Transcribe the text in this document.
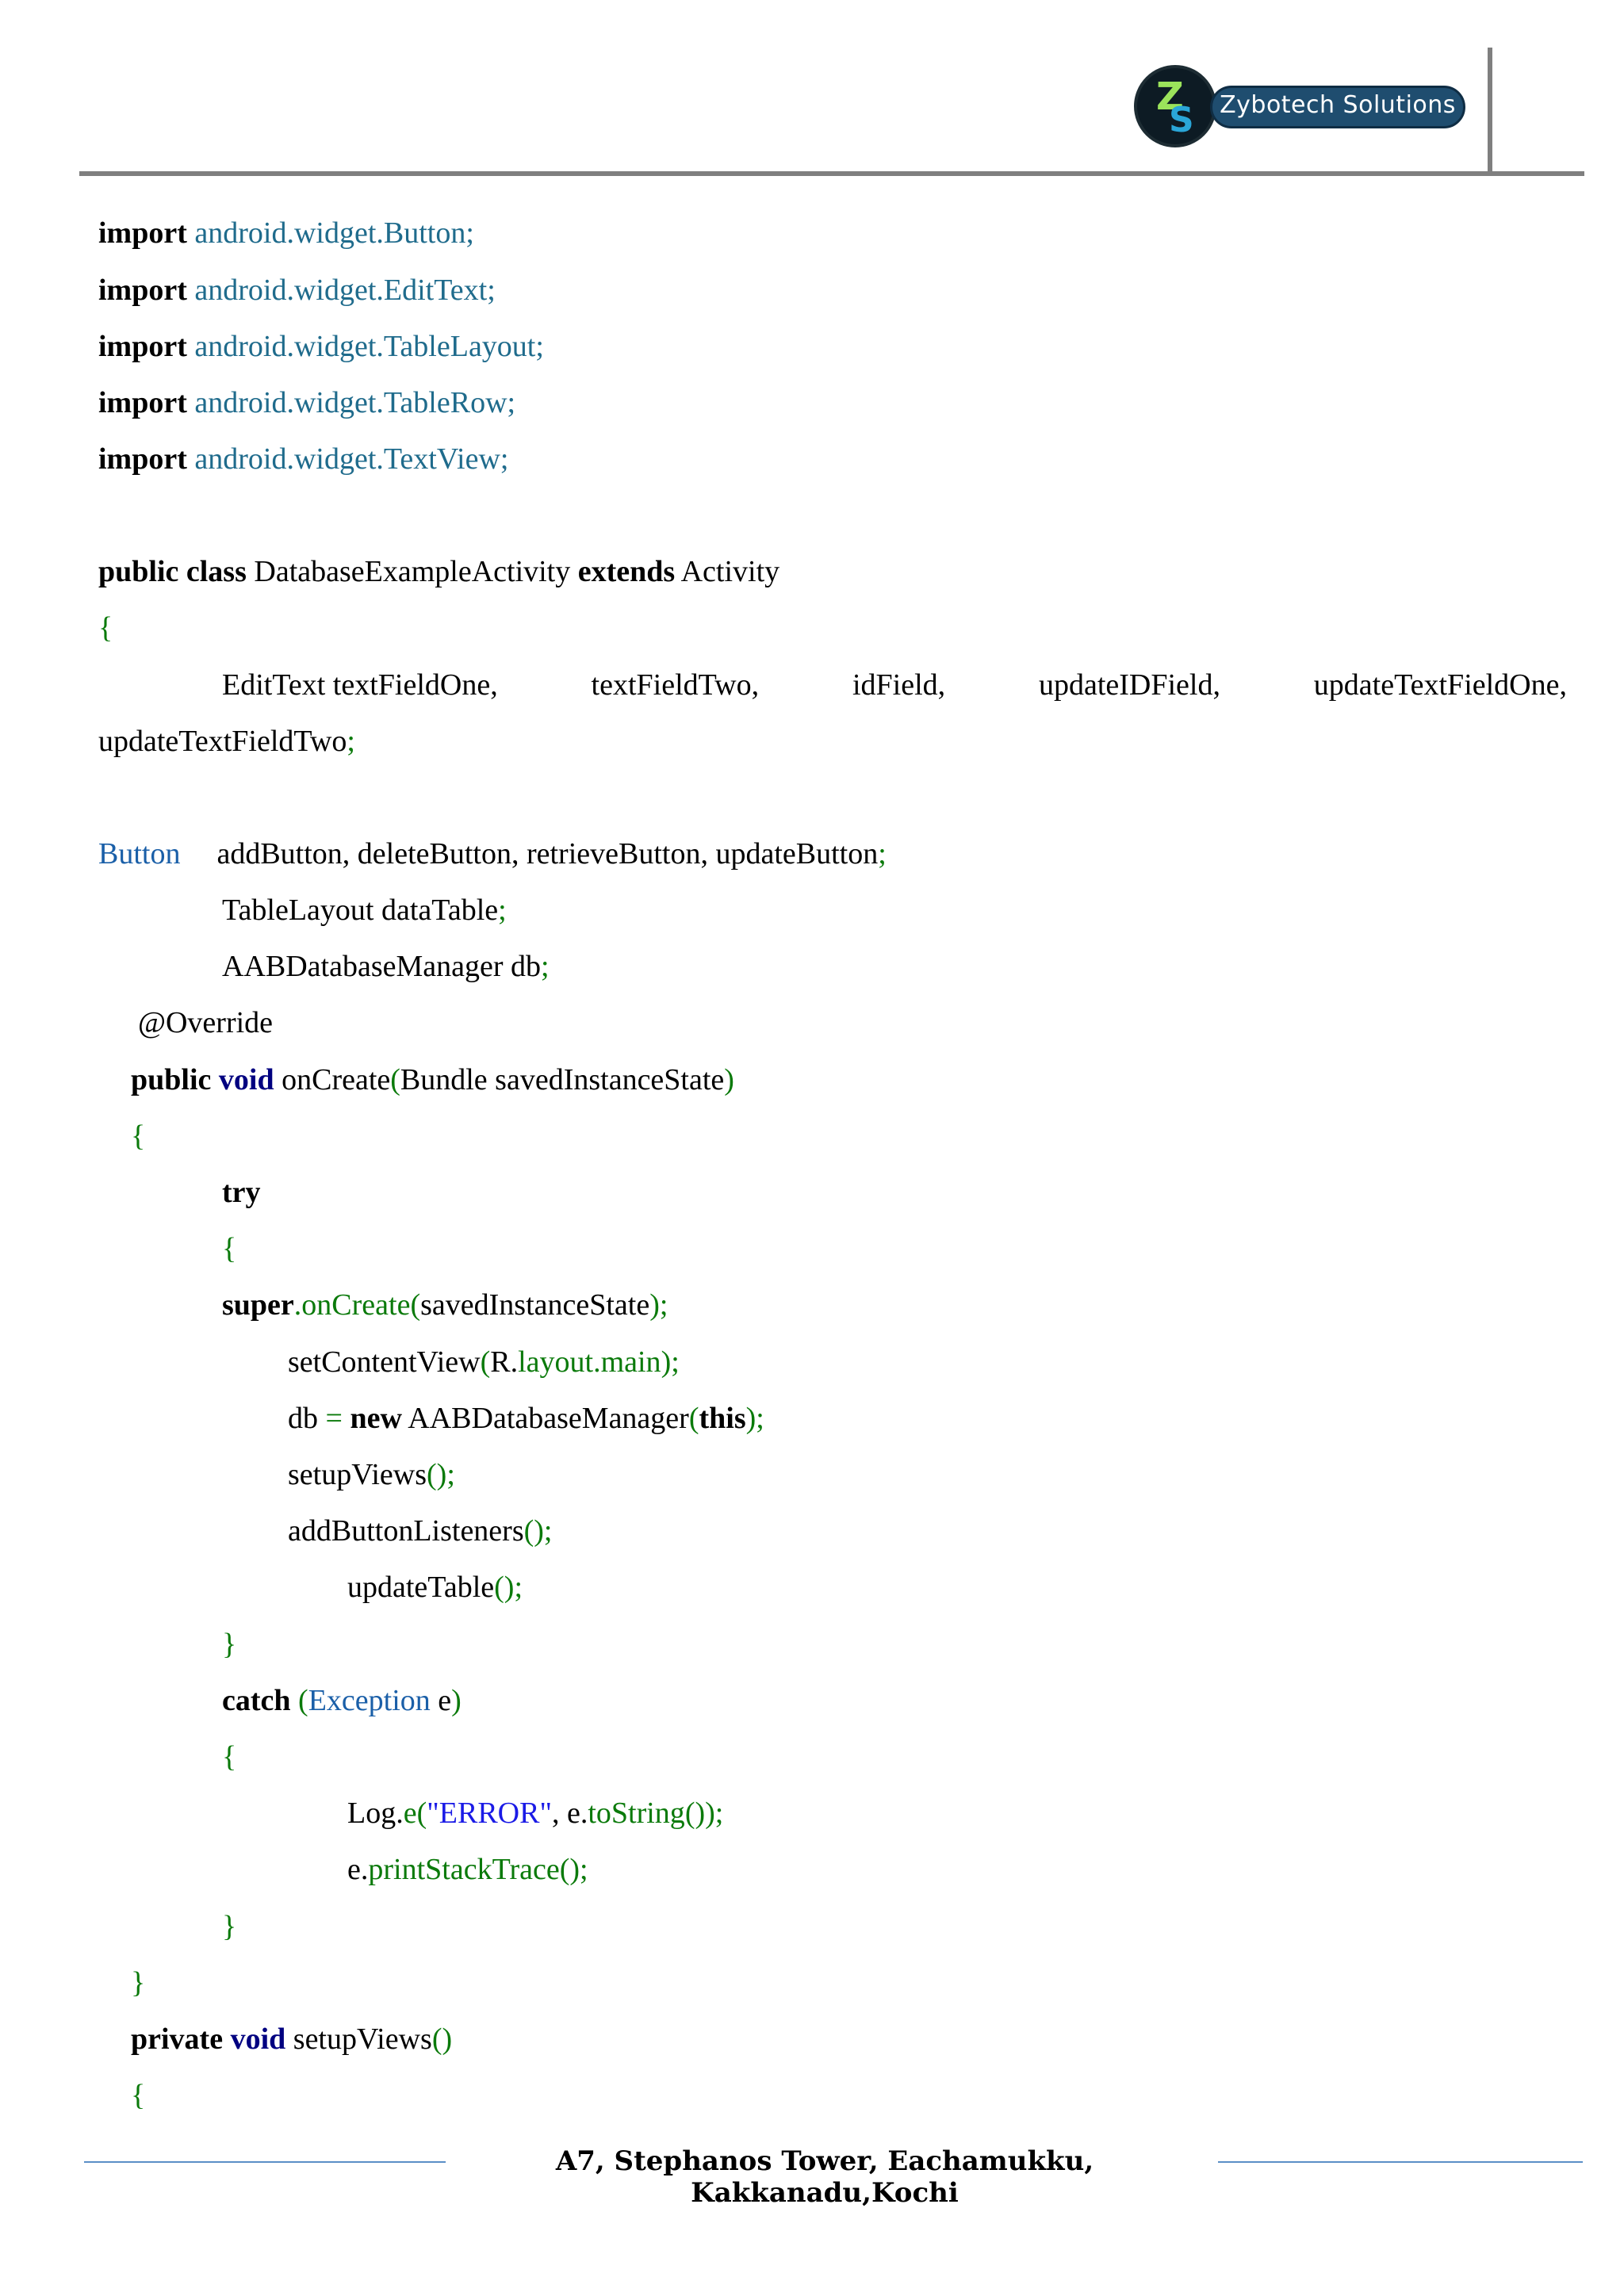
Z
S	Zybotech Solutions
import android.widget.Button;
import android.widget.EditText;
import android.widget.TableLayout;
import android.widget.TableRow;
import android.widget.TextView;
public class DatabaseExampleActivity extends Activity
{
EditText textFieldOne,	textFieldTwo,	idField,	updateIDField,	updateTextFieldOne,
updateTextFieldTwo;
Button addButton, deleteButton, retrieveButton, updateButton;
TableLayout dataTable;
AABDatabaseManager db;
@Override
public void onCreate(Bundle savedInstanceState)
{
try
{
super.onCreate(savedInstanceState);
setContentView(R.layout.main);
db = new AABDatabaseManager(this);
setupViews();
addButtonListeners();
updateTable();
}
catch (Exception e)
{
Log.e("ERROR", e.toString());
e.printStackTrace();
}
}
private void setupViews()
{
A7, Stephanos Tower, Eachamukku, Kakkanadu,Kochi
